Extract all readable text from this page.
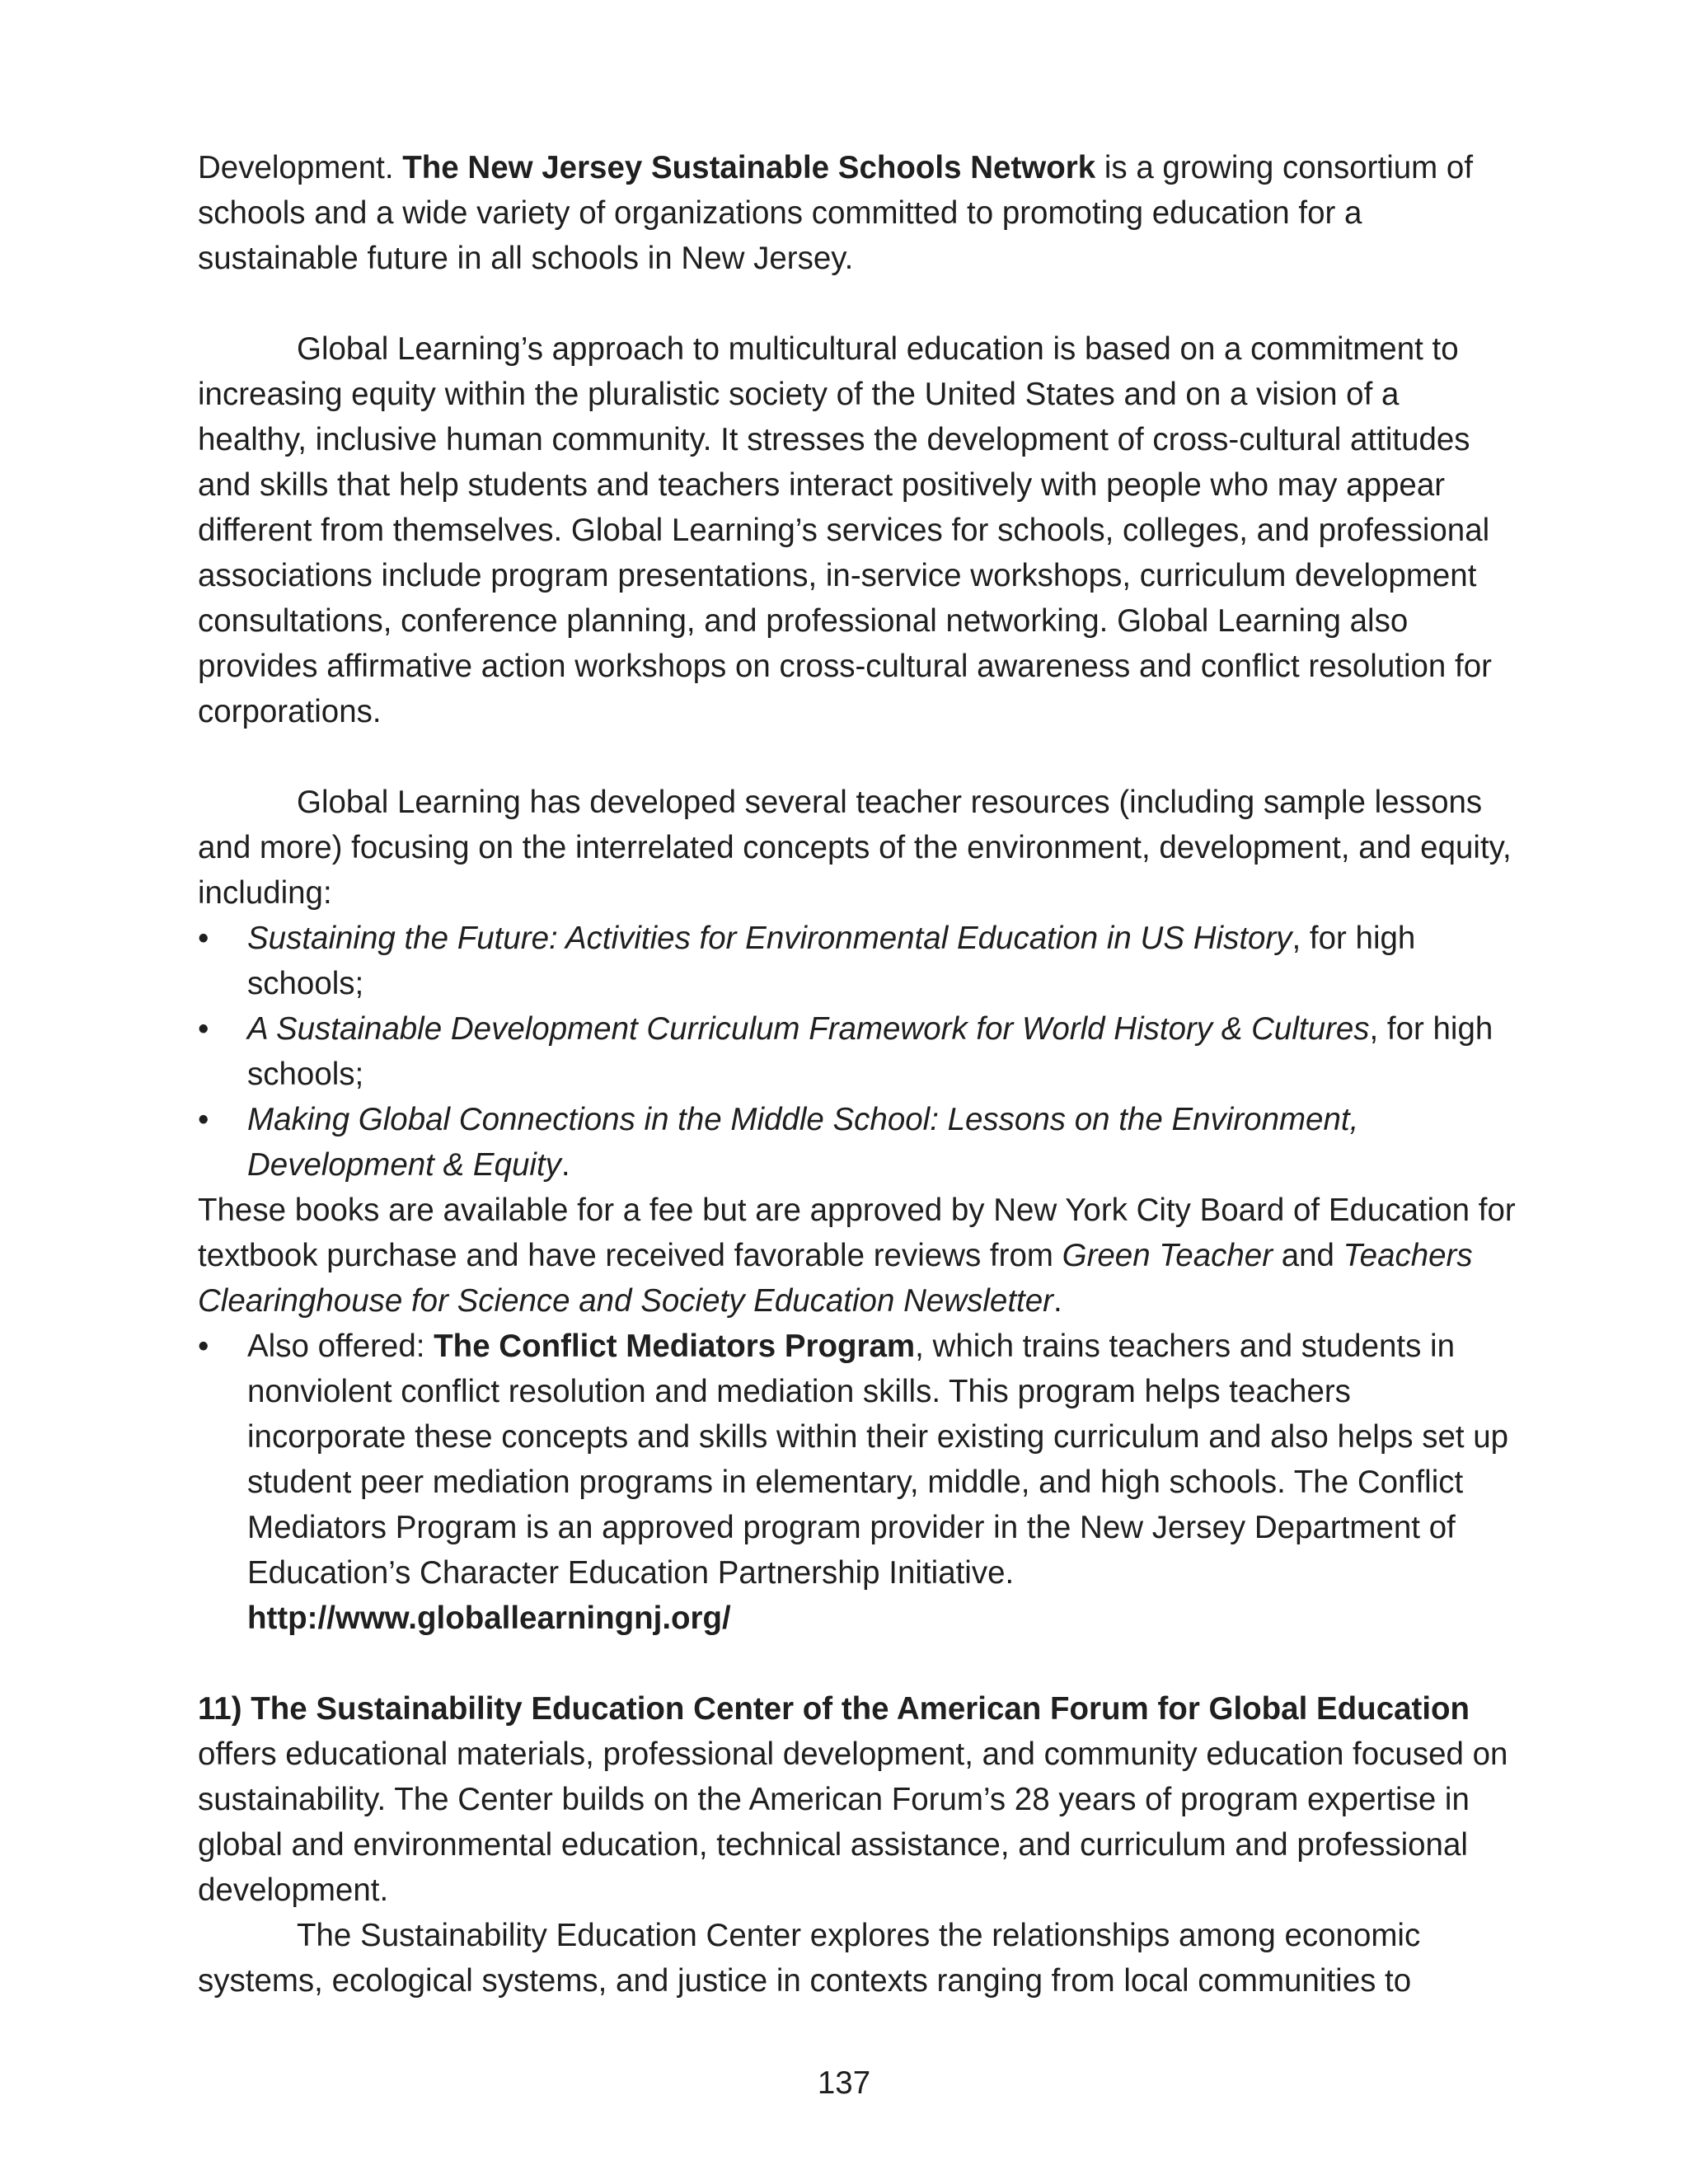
Development. The New Jersey Sustainable Schools Network is a growing consortium of schools and a wide variety of organizations committed to promoting education for a sustainable future in all schools in New Jersey.

Global Learning’s approach to multicultural education is based on a commitment to increasing equity within the pluralistic society of the United States and on a vision of a healthy, inclusive human community. It stresses the development of cross-cultural attitudes and skills that help students and teachers interact positively with people who may appear different from themselves. Global Learning’s services for schools, colleges, and professional associations include program presentations, in-service workshops, curriculum development consultations, conference planning, and professional networking. Global Learning also provides affirmative action workshops on cross-cultural awareness and conflict resolution for corporations.

Global Learning has developed several teacher resources (including sample lessons and more) focusing on the interrelated concepts of the environment, development, and equity, including:

• Sustaining the Future: Activities for Environmental Education in US History, for high schools;
• A Sustainable Development Curriculum Framework for World History & Cultures, for high schools;
• Making Global Connections in the Middle School: Lessons on the Environment, Development & Equity.

These books are available for a fee but are approved by New York City Board of Education for textbook purchase and have received favorable reviews from Green Teacher and Teachers Clearinghouse for Science and Society Education Newsletter.

• Also offered: The Conflict Mediators Program, which trains teachers and students in nonviolent conflict resolution and mediation skills. This program helps teachers incorporate these concepts and skills within their existing curriculum and also helps set up student peer mediation programs in elementary, middle, and high schools. The Conflict Mediators Program is an approved program provider in the New Jersey Department of Education’s Character Education Partnership Initiative.
http://www.globallearningnj.org/

11) The Sustainability Education Center of the American Forum for Global Education offers educational materials, professional development, and community education focused on sustainability. The Center builds on the American Forum’s 28 years of program expertise in global and environmental education, technical assistance, and curriculum and professional development.

The Sustainability Education Center explores the relationships among economic systems, ecological systems, and justice in contexts ranging from local communities to

137
